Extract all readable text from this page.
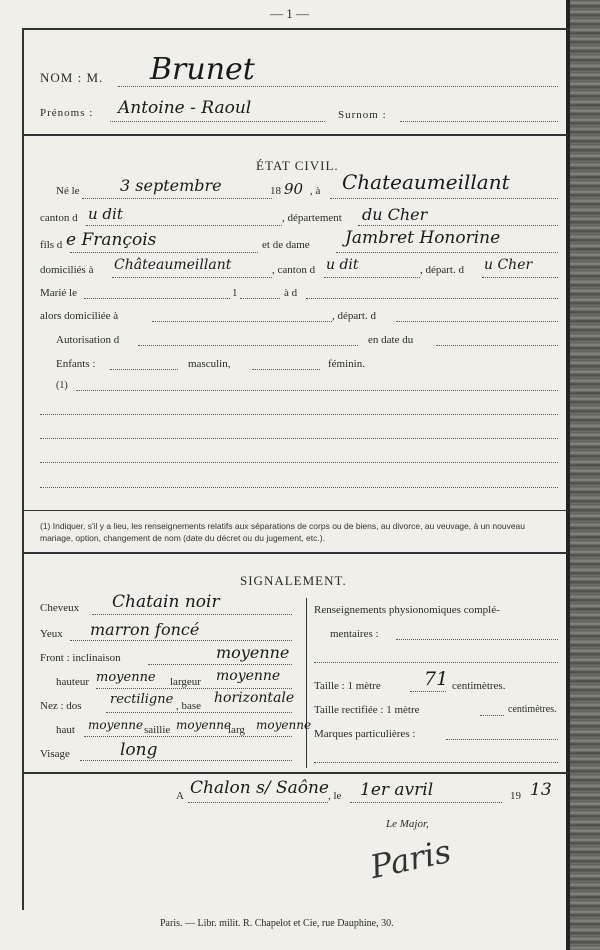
— 1 —
NOM : M. Brunet
Prénoms : Antoine - Raoul	Surnom :
ÉTAT CIVIL.
Né le	3 septembre	18 90 , à Chateaumeillant
canton d u dit	, département du Cher
fils d e François	et de dame Jambret Honorine
domiciliés à Châteaumeillant	, canton d u dit	, départ. d u Cher
Marié le	1	à d
alors domiciliée à	, départ. d
Autorisation d	en date du
Enfants :	masculin,	féminin.
(1)
(1) Indiquer, s'il y a lieu, les renseignements relatifs aux séparations de corps ou de biens, au divorce, au veuvage, à un nouveau mariage, option, changement de nom (date du décret ou du jugement, etc.).
SIGNALEMENT.
Cheveux Chatain noir
Yeux marron foncé
Front : inclinaison	moyenne
hauteur moyenne largeur moyenne
Nez : dos rectiligne , base horizontale
haut moyenne saillie moyenne
larg moyenne
Visage	long
Renseignements physionomiques complé-
mentaires :
Taille : 1 mètre 71 centimètres.
Taille rectifiée : 1 mètre	centimètres.
Marques particulières :
A Chalon s/ Saône , le 1er avril	19 13
Le Major,
Paris
Paris. — Libr. milit. R. Chapelot et Cie, rue Dauphine, 30.
